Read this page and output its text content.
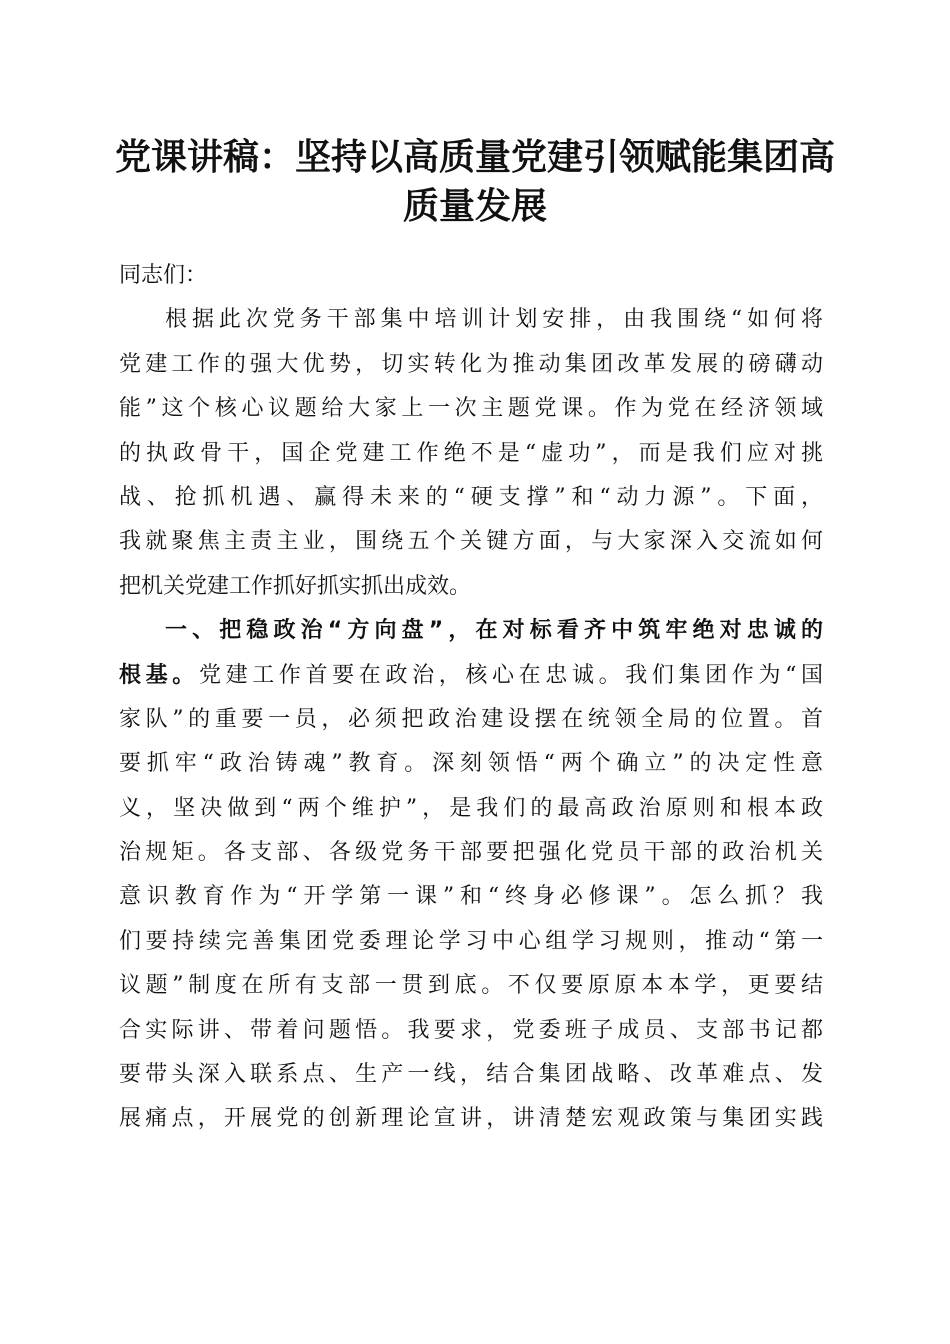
党课讲稿：坚持以高质量党建引领赋能集团高
质量发展
同志们：
根据此次党务干部集中培训计划安排，由我围绕“如何将
党建工作的强大优势，切实转化为推动集团改革发展的磅礴动
能”这个核心议题给大家上一次主题党课。作为党在经济领域
的执政骨干，国企党建工作绝不是“虚功”，而是我们应对挑
战、抢抓机遇、赢得未来的“硬支撑”和“动力源”。下面，
我就聚焦主责主业，围绕五个关键方面，与大家深入交流如何
把机关党建工作抓好抓实抓出成效。
一、把稳政治“方向盘”，在对标看齐中筑牢绝对忠诚的
根基。党建工作首要在政治，核心在忠诚。我们集团作为“国
家队”的重要一员，必须把政治建设摆在统领全局的位置。首
要抓牢“政治铸魂”教育。深刻领悟“两个确立”的决定性意
义，坚决做到“两个维护”，是我们的最高政治原则和根本政
治规矩。各支部、各级党务干部要把强化党员干部的政治机关
意识教育作为“开学第一课”和“终身必修课”。怎么抓？我
们要持续完善集团党委理论学习中心组学习规则，推动“第一
议题”制度在所有支部一贯到底。不仅要原原本本学，更要结
合实际讲、带着问题悟。我要求，党委班子成员、支部书记都
要带头深入联系点、生产一线，结合集团战略、改革难点、发
展痛点，开展党的创新理论宣讲，讲清楚宏观政策与集团实践
